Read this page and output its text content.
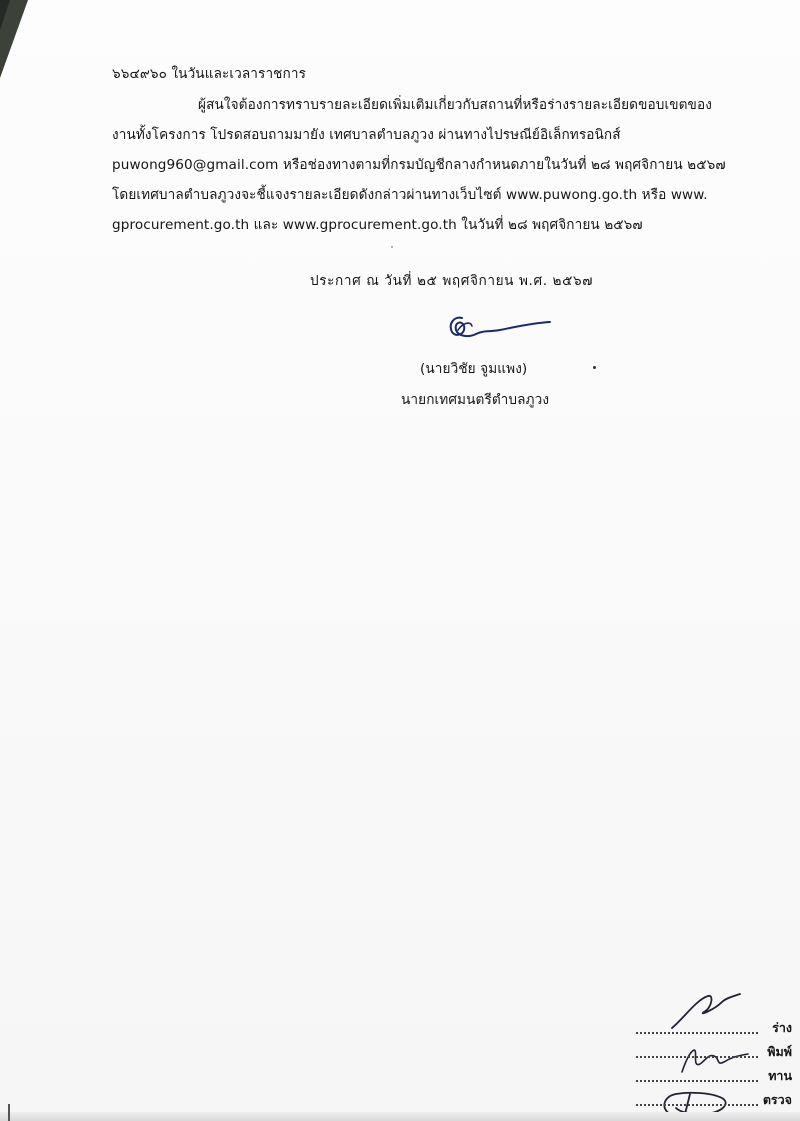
๖๖๔๙๖๐ ในวันและเวลาราชการ
ผู้สนใจต้องการทราบรายละเอียดเพิ่มเติมเกี่ยวกับสถานที่หรือร่างรายละเอียดขอบเขตของ
งานทั้งโครงการ โปรดสอบถามมายัง เทศบาลตำบลภูวง ผ่านทางไปรษณีย์อิเล็กทรอนิกส์
puwong960@gmail.com หรือช่องทางตามที่กรมบัญชีกลางกำหนดภายในวันที่ ๒๘ พฤศจิกายน ๒๕๖๗
โดยเทศบาลตำบลภูวงจะชี้แจงรายละเอียดดังกล่าวผ่านทางเว็บไซต์ www.puwong.go.th หรือ www.
gprocurement.go.th และ www.gprocurement.go.th ในวันที่ ๒๘ พฤศจิกายน ๒๕๖๗
ประกาศ ณ วันที่ ๒๕ พฤศจิกายน พ.ศ. ๒๕๖๗
(นายวิชัย จูมแพง)
นายกเทศมนตรีตำบลภูวง
ร่าง
พิมพ์
ทาน
ตรวจ
